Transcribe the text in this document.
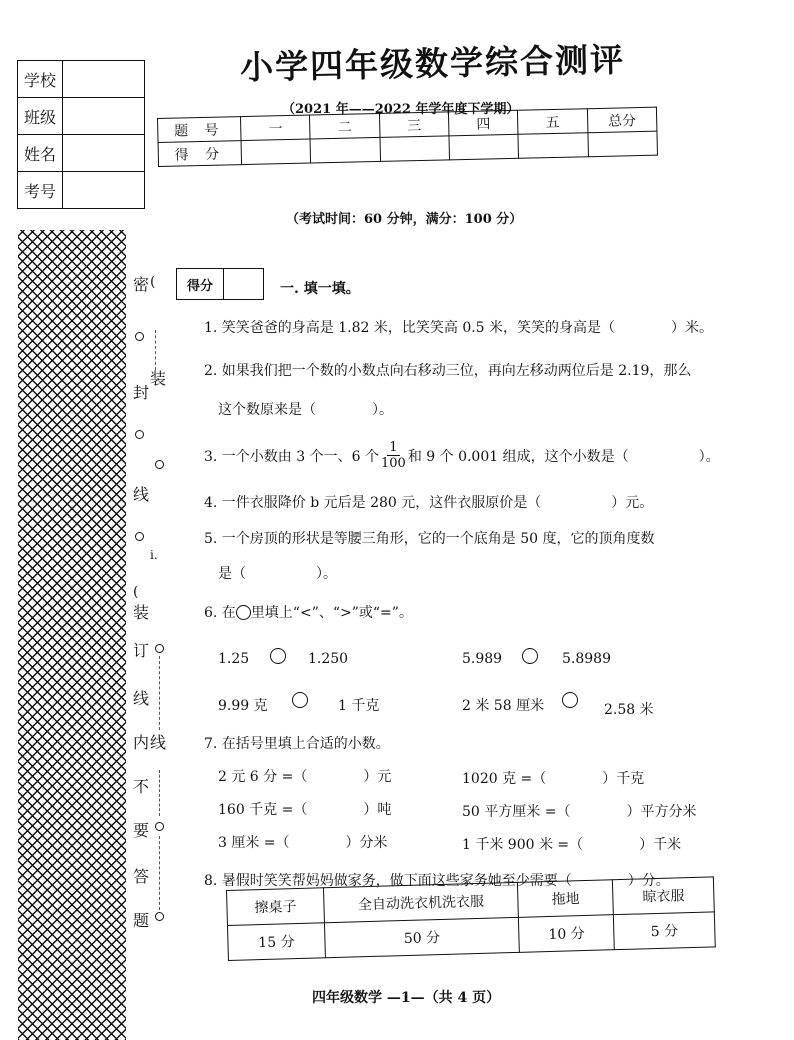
小学四年级数学综合测评
（2021 年——2022 年学年度下学期）
学校	
班级	
姓名	
考号	
题 号	一	二	三	四	五	总分
得 分						
（考试时间：60 分钟，满分：100 分）
密 (
装
封
线
i.
(
装
订
线
内 线
不
要
答
题
得分	一. 填一填。
1. 笑笑爸爸的身高是 1.82 米，比笑笑高 0.5 米，笑笑的身高是（　　　　）米。
2. 如果我们把一个数的小数点向右移动三位，再向左移动两位后是 2.19，那么
这个数原来是（　　　　）。
3. 一个小数由 3 个一、6 个 $\frac{1}{100}$ 和 9 个 0.001 组成，这个小数是（　　　　　）。
4. 一件衣服降价 b 元后是 280 元，这件衣服原价是（　　　　　）元。
5. 一个房顶的形状是等腰三角形，它的一个底角是 50 度，它的顶角度数
是（　　　　　）。
6. 在 里填上“<”、“>”或“=”。
1.25	1.250	5.989	5.8989
9.99 克	1 千克	2 米 58 厘米	2.58 米
7. 在括号里填上合适的小数。
2 元 6 分 =（　　　　）元	1020 克 =（　　　　）千克
160 千克 =（　　　　）吨	50 平方厘米 =（　　　　）平方分米
3 厘米 =（　　　　）分米	1 千米 900 米 =（　　　　）千米
8. 暑假时笑笑帮妈妈做家务，做下面这些家务她至少需要（　　　　）分。
擦桌子	全自动洗衣机洗衣服	拖地	晾衣服
15 分	50 分	10 分	5 分
四年级数学 —1—（共 4 页）
